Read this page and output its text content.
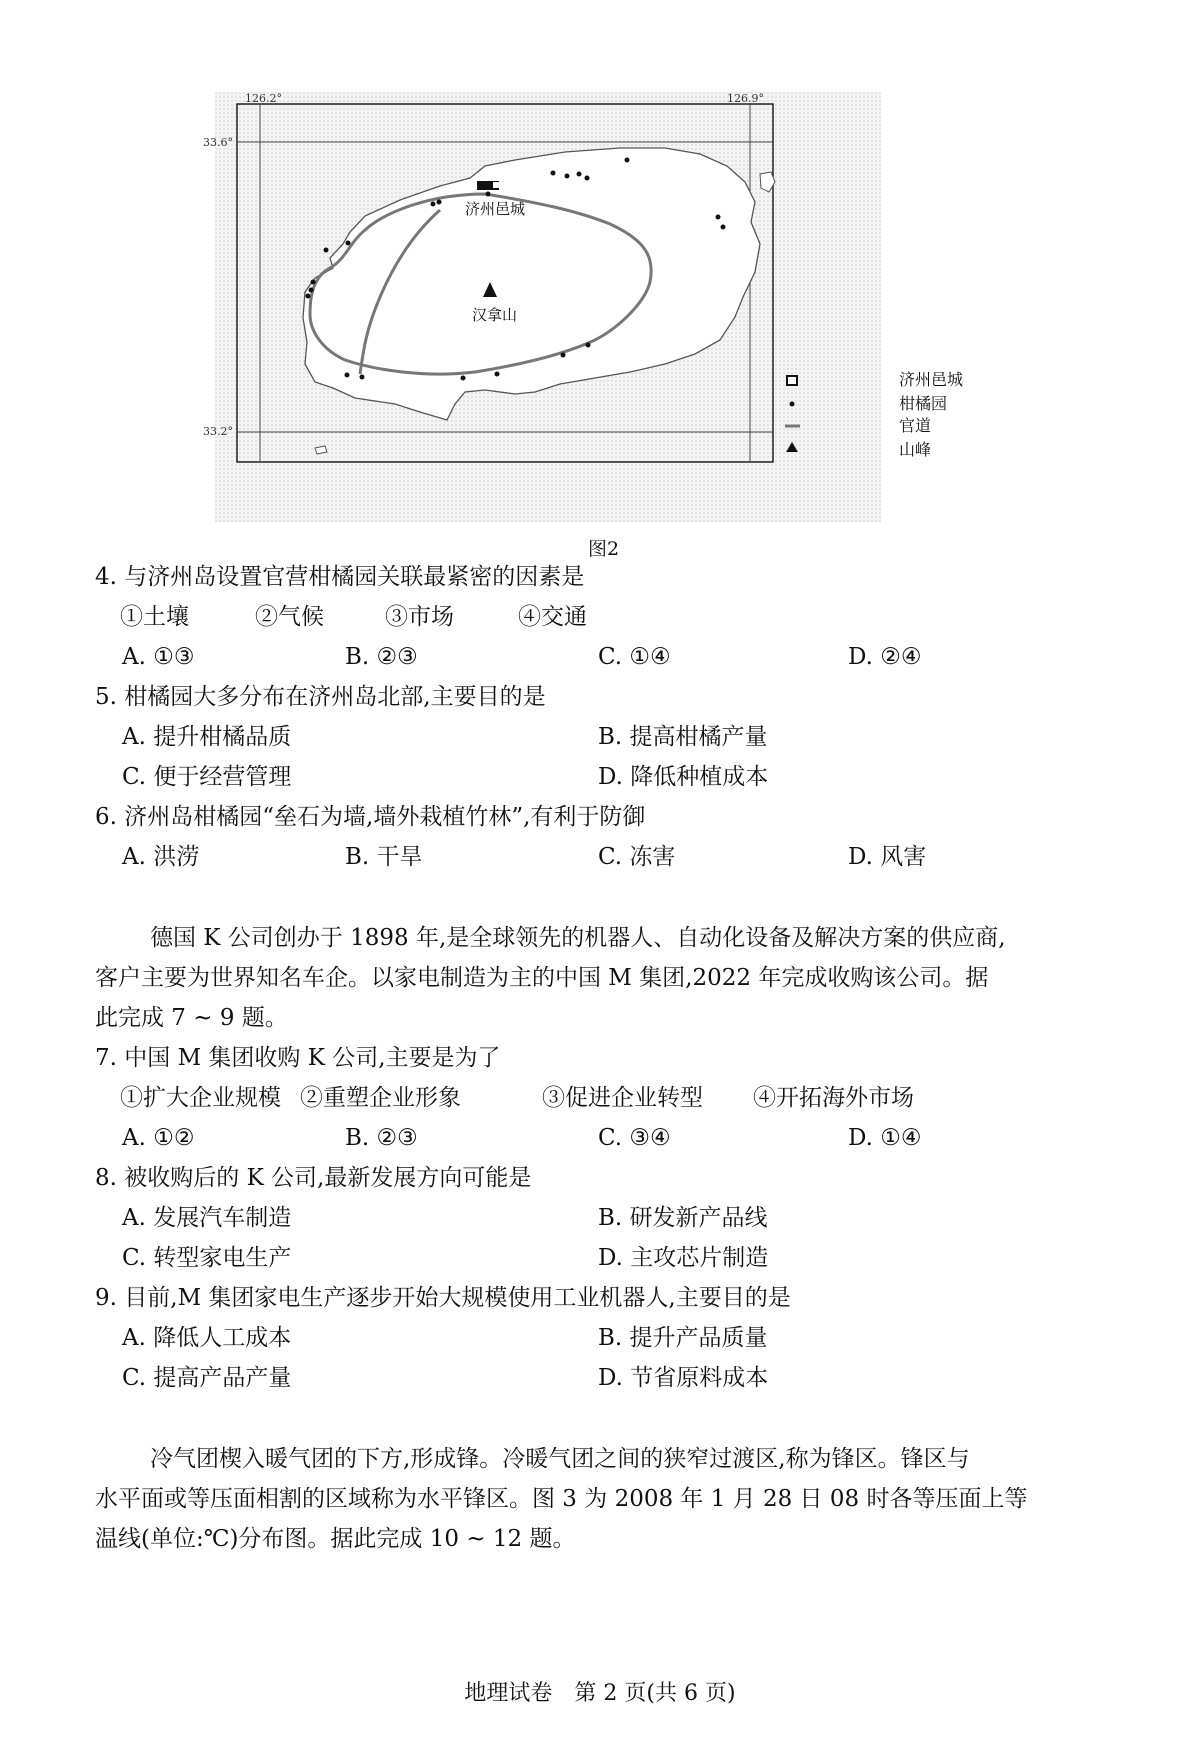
126.2°	126.9°
33.6°
33.2°
济州邑城
汉拿山
济州邑城
柑橘园
官道
山峰
图2
4. 与济州岛设置官营柑橘园关联最紧密的因素是
①土壤	②气候	③市场	④交通
A. ①③	B. ②③	C. ①④	D. ②④
5. 柑橘园大多分布在济州岛北部,主要目的是
A. 提升柑橘品质	B. 提高柑橘产量
C. 便于经营管理	D. 降低种植成本
6. 济州岛柑橘园“垒石为墙,墙外栽植竹林”,有利于防御
A. 洪涝	B. 干旱	C. 冻害	D. 风害
德国 K 公司创办于 1898 年,是全球领先的机器人、自动化设备及解决方案的供应商,
客户主要为世界知名车企。以家电制造为主的中国 M 集团,2022 年完成收购该公司。据
此完成 7 ~ 9 题。
7. 中国 M 集团收购 K 公司,主要是为了
①扩大企业规模 ②重塑企业形象	③促进企业转型 ④开拓海外市场
A. ①②	B. ②③	C. ③④	D. ①④
8. 被收购后的 K 公司,最新发展方向可能是
A. 发展汽车制造	B. 研发新产品线
C. 转型家电生产	D. 主攻芯片制造
9. 目前,M 集团家电生产逐步开始大规模使用工业机器人,主要目的是
A. 降低人工成本	B. 提升产品质量
C. 提高产品产量	D. 节省原料成本
冷气团楔入暖气团的下方,形成锋。冷暖气团之间的狭窄过渡区,称为锋区。锋区与
水平面或等压面相割的区域称为水平锋区。图 3 为 2008 年 1 月 28 日 08 时各等压面上等
温线(单位:℃)分布图。据此完成 10 ~ 12 题。
地理试卷　第 2 页(共 6 页)
